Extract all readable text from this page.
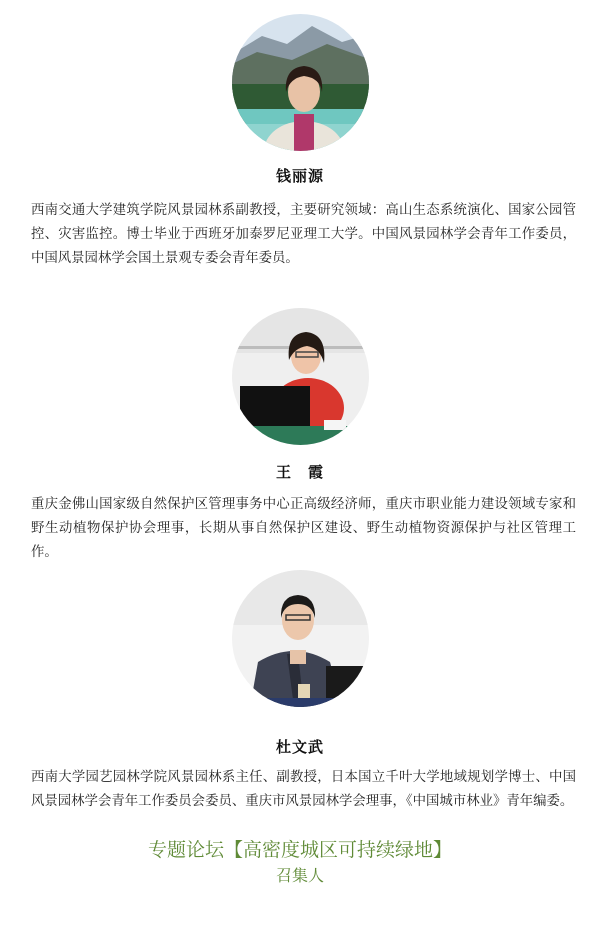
钱丽源
西南交通大学建筑学院风景园林系副教授，主要研究领域：高山生态系统演化、国家公园管控、灾害监控。博士毕业于西班牙加泰罗尼亚理工大学。中国风景园林学会青年工作委员，中国风景园林学会国土景观专委会青年委员。
王　霞
重庆金佛山国家级自然保护区管理事务中心正高级经济师，重庆市职业能力建设领域专家和野生动植物保护协会理事，长期从事自然保护区建设、野生动植物资源保护与社区管理工作。
杜文武
西南大学园艺园林学院风景园林系主任、副教授，日本国立千叶大学地域规划学博士、中国风景园林学会青年工作委员会委员、重庆市风景园林学会理事，《中国城市林业》青年编委。
专题论坛【高密度城区可持续绿地】
召集人
